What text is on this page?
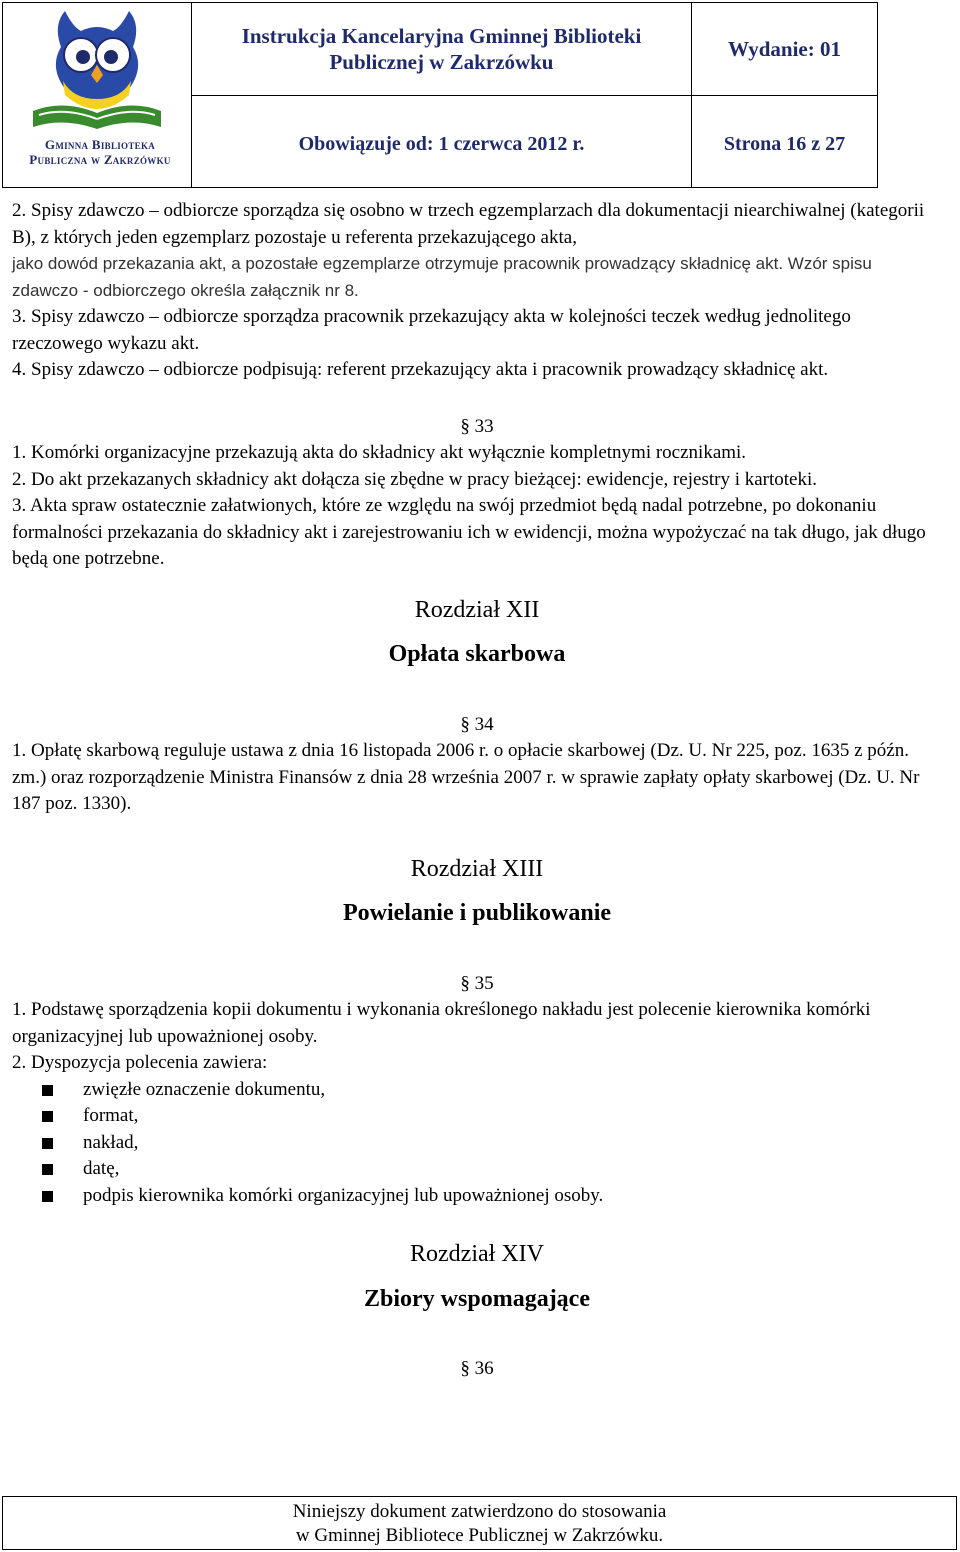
Gminna Biblioteka
Publiczna w Zakrzówku
Instrukcja Kancelaryjna Gminnej Biblioteki
Publicznej w Zakrzówku
Wydanie: 01
Obowiązuje od: 1 czerwca 2012 r.	Strona 16 z 27

2. Spisy zdawczo – odbiorcze sporządza się osobno w trzech egzemplarzach dla dokumentacji niearchiwalnej (kategorii B), z których jeden egzemplarz pozostaje u referenta przekazującego akta,

jako dowód przekazania akt, a pozostałe egzemplarze otrzymuje pracownik prowadzący składnicę akt. Wzór spisu zdawczo - odbiorczego określa załącznik nr 8.

3. Spisy zdawczo – odbiorcze sporządza pracownik przekazujący akta w kolejności teczek według jednolitego rzeczowego wykazu akt.

4. Spisy zdawczo – odbiorcze podpisują: referent przekazujący akta i pracownik prowadzący składnicę akt.

§ 33

1. Komórki organizacyjne przekazują akta do składnicy akt wyłącznie kompletnymi rocznikami.

2. Do akt przekazanych składnicy akt dołącza się zbędne w pracy bieżącej: ewidencje, rejestry i kartoteki.

3. Akta spraw ostatecznie załatwionych, które ze względu na swój przedmiot będą nadal potrzebne, po dokonaniu formalności przekazania do składnicy akt i zarejestrowaniu ich w ewidencji, można wypożyczać na tak długo, jak długo będą one potrzebne.

Rozdział XII

Opłata skarbowa

§ 34

1. Opłatę skarbową reguluje ustawa z dnia 16 listopada 2006 r. o opłacie skarbowej (Dz. U. Nr 225, poz. 1635 z późn. zm.) oraz rozporządzenie Ministra Finansów z dnia 28 września 2007 r. w sprawie zapłaty opłaty skarbowej (Dz. U. Nr 187 poz. 1330).

Rozdział XIII

Powielanie i publikowanie

§ 35

1. Podstawę sporządzenia kopii dokumentu i wykonania określonego nakładu jest polecenie kierownika komórki organizacyjnej lub upoważnionej osoby.

2. Dyspozycja polecenia zawiera:

zwięzłe oznaczenie dokumentu,
format,
nakład,
datę,
podpis kierownika komórki organizacyjnej lub upoważnionej osoby.

Rozdział XIV

Zbiory wspomagające

§ 36

Niniejszy dokument zatwierdzono do stosowania
w Gminnej Bibliotece Publicznej w Zakrzówku.
